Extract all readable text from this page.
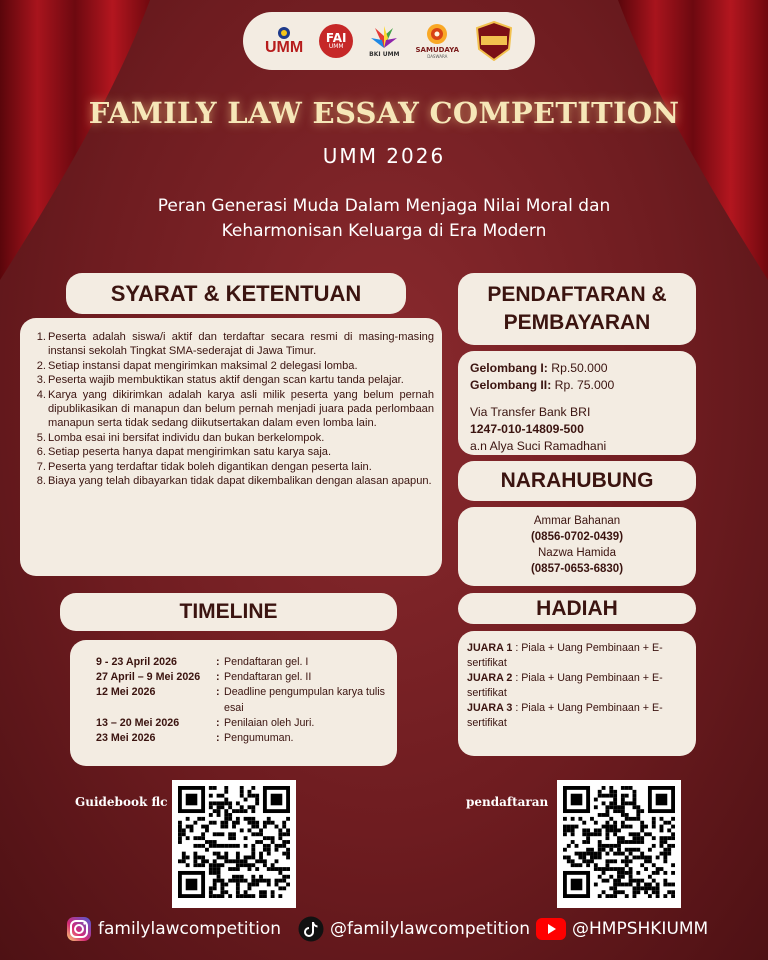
UMM
FAI
UMM
BKI UMM
SAMUDAYA
DASWARA
FAMILY LAW ESSAY COMPETITION
UMM 2026
Peran Generasi Muda Dalam Menjaga Nilai Moral dan
Keharmonisan Keluarga di Era Modern
SYARAT & KETENTUAN
1. Peserta adalah siswa/i aktif dan terdaftar secara resmi di masing-masing instansi sekolah Tingkat SMA-sederajat di Jawa Timur.
2. Setiap instansi dapat mengirimkan maksimal 2 delegasi lomba.
3. Peserta wajib membuktikan status aktif dengan scan kartu tanda pelajar.
4. Karya yang dikirimkan adalah karya asli milik peserta yang belum pernah dipublikasikan di manapun dan belum pernah menjadi juara pada perlombaan manapun serta tidak sedang diikutsertakan dalam even lomba lain.
5. Lomba esai ini bersifat individu dan bukan berkelompok.
6. Setiap peserta hanya dapat mengirimkan satu karya saja.
7. Peserta yang terdaftar tidak boleh digantikan dengan peserta lain.
8. Biaya yang telah dibayarkan tidak dapat dikembalikan dengan alasan apapun.
PENDAFTARAN &
PEMBAYARAN
Gelombang I: Rp.50.000
Gelombang II: Rp. 75.000
Via Transfer Bank BRI
1247-010-14809-500
a.n Alya Suci Ramadhani
NARAHUBUNG
Ammar Bahanan
(0856-0702-0439)
Nazwa Hamida
(0857-0653-6830)
TIMELINE
9 - 23 April 2026	: Pendaftaran gel. I
27 April – 9 Mei 2026	: Pendaftaran gel. II
12 Mei 2026	: Deadline pengumpulan karya tulis esai
13 – 20 Mei 2026	: Penilaian oleh Juri.
23 Mei 2026	: Pengumuman.
HADIAH
JUARA 1 : Piala + Uang Pembinaan + E-sertifikat
JUARA 2 : Piala + Uang Pembinaan + E-sertifikat
JUARA 3 : Piala + Uang Pembinaan + E-sertifikat
Guidebook flc	pendaftaran
familylawcompetition	@familylawcompetition @HMPSHKIUMM
